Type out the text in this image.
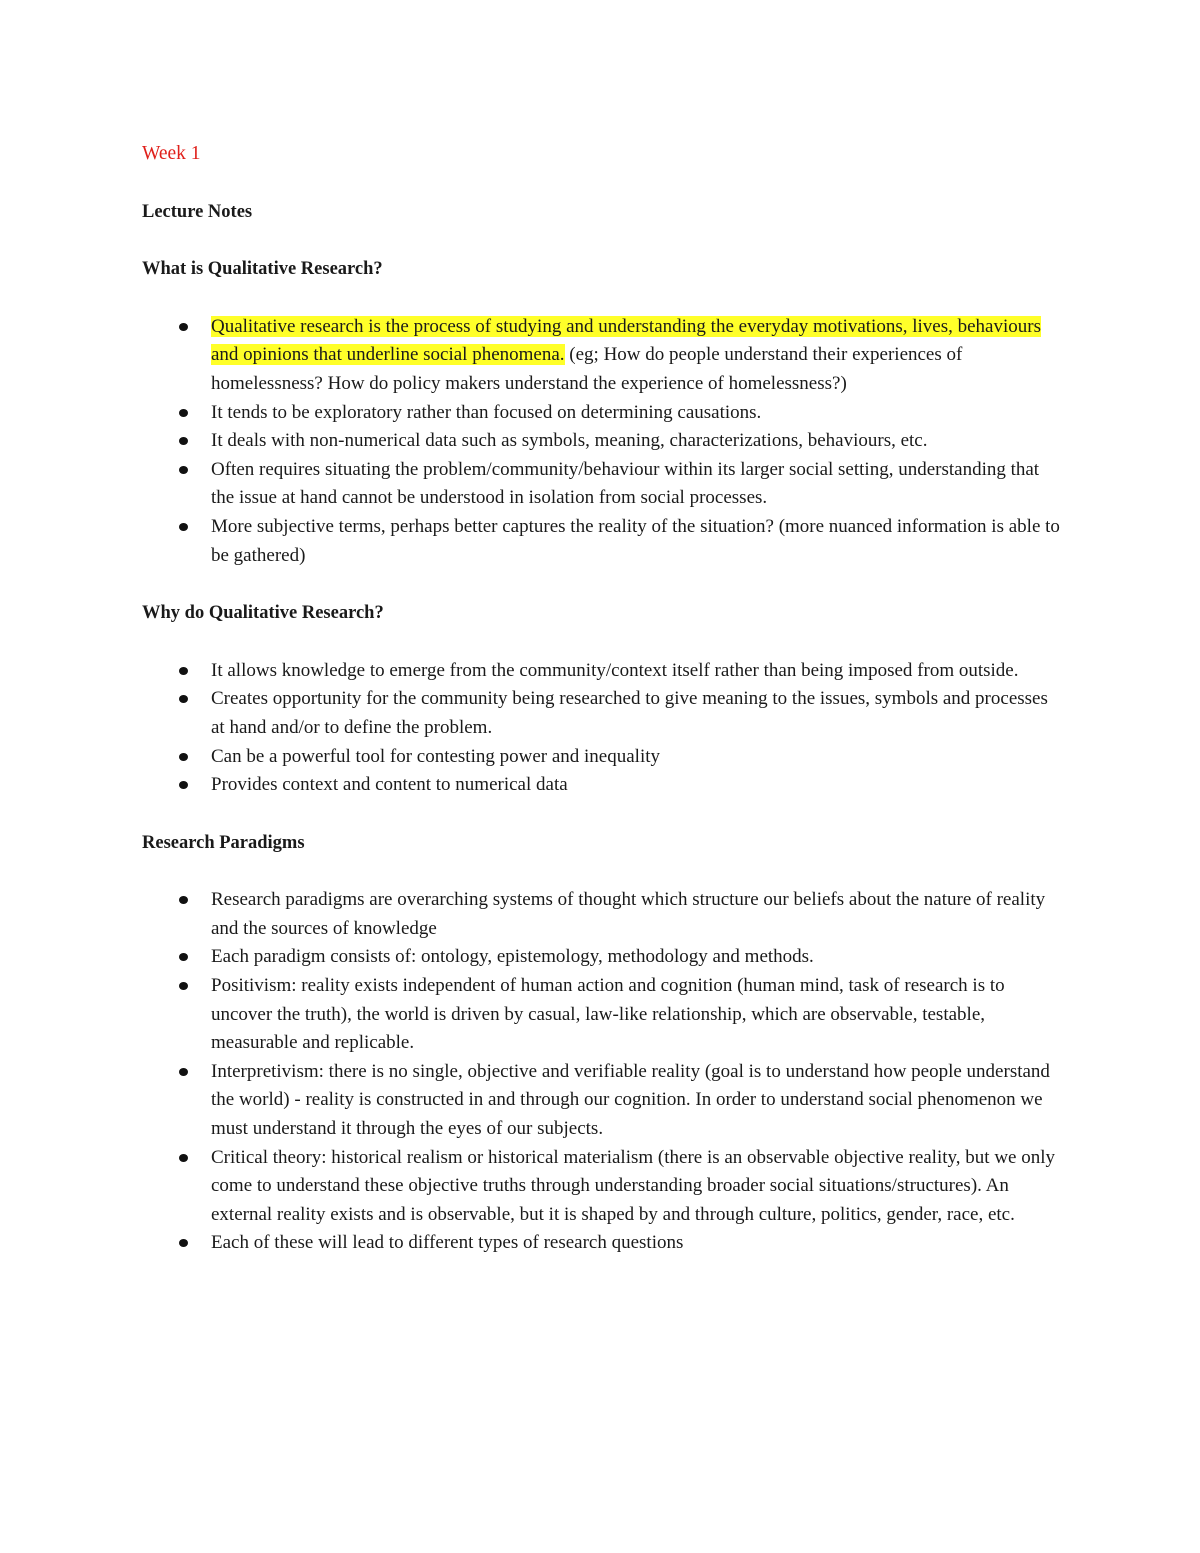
Week 1
Lecture Notes
What is Qualitative Research?
Qualitative research is the process of studying and understanding the everyday motivations, lives, behaviours and opinions that underline social phenomena. (eg; How do people understand their experiences of homelessness? How do policy makers understand the experience of homelessness?)
It tends to be exploratory rather than focused on determining causations.
It deals with non-numerical data such as symbols, meaning, characterizations, behaviours, etc.
Often requires situating the problem/community/behaviour within its larger social setting, understanding that the issue at hand cannot be understood in isolation from social processes.
More subjective terms, perhaps better captures the reality of the situation? (more nuanced information is able to be gathered)
Why do Qualitative Research?
It allows knowledge to emerge from the community/context itself rather than being imposed from outside.
Creates opportunity for the community being researched to give meaning to the issues, symbols and processes at hand and/or to define the problem.
Can be a powerful tool for contesting power and inequality
Provides context and content to numerical data
Research Paradigms
Research paradigms are overarching systems of thought which structure our beliefs about the nature of reality and the sources of knowledge
Each paradigm consists of: ontology, epistemology, methodology and methods.
Positivism: reality exists independent of human action and cognition (human mind, task of research is to uncover the truth), the world is driven by casual, law-like relationship, which are observable, testable, measurable and replicable.
Interpretivism: there is no single, objective and verifiable reality (goal is to understand how people understand the world) - reality is constructed in and through our cognition. In order to understand social phenomenon we must understand it through the eyes of our subjects.
Critical theory: historical realism or historical materialism (there is an observable objective reality, but we only come to understand these objective truths through understanding broader social situations/structures). An external reality exists and is observable, but it is shaped by and through culture, politics, gender, race, etc.
Each of these will lead to different types of research questions
